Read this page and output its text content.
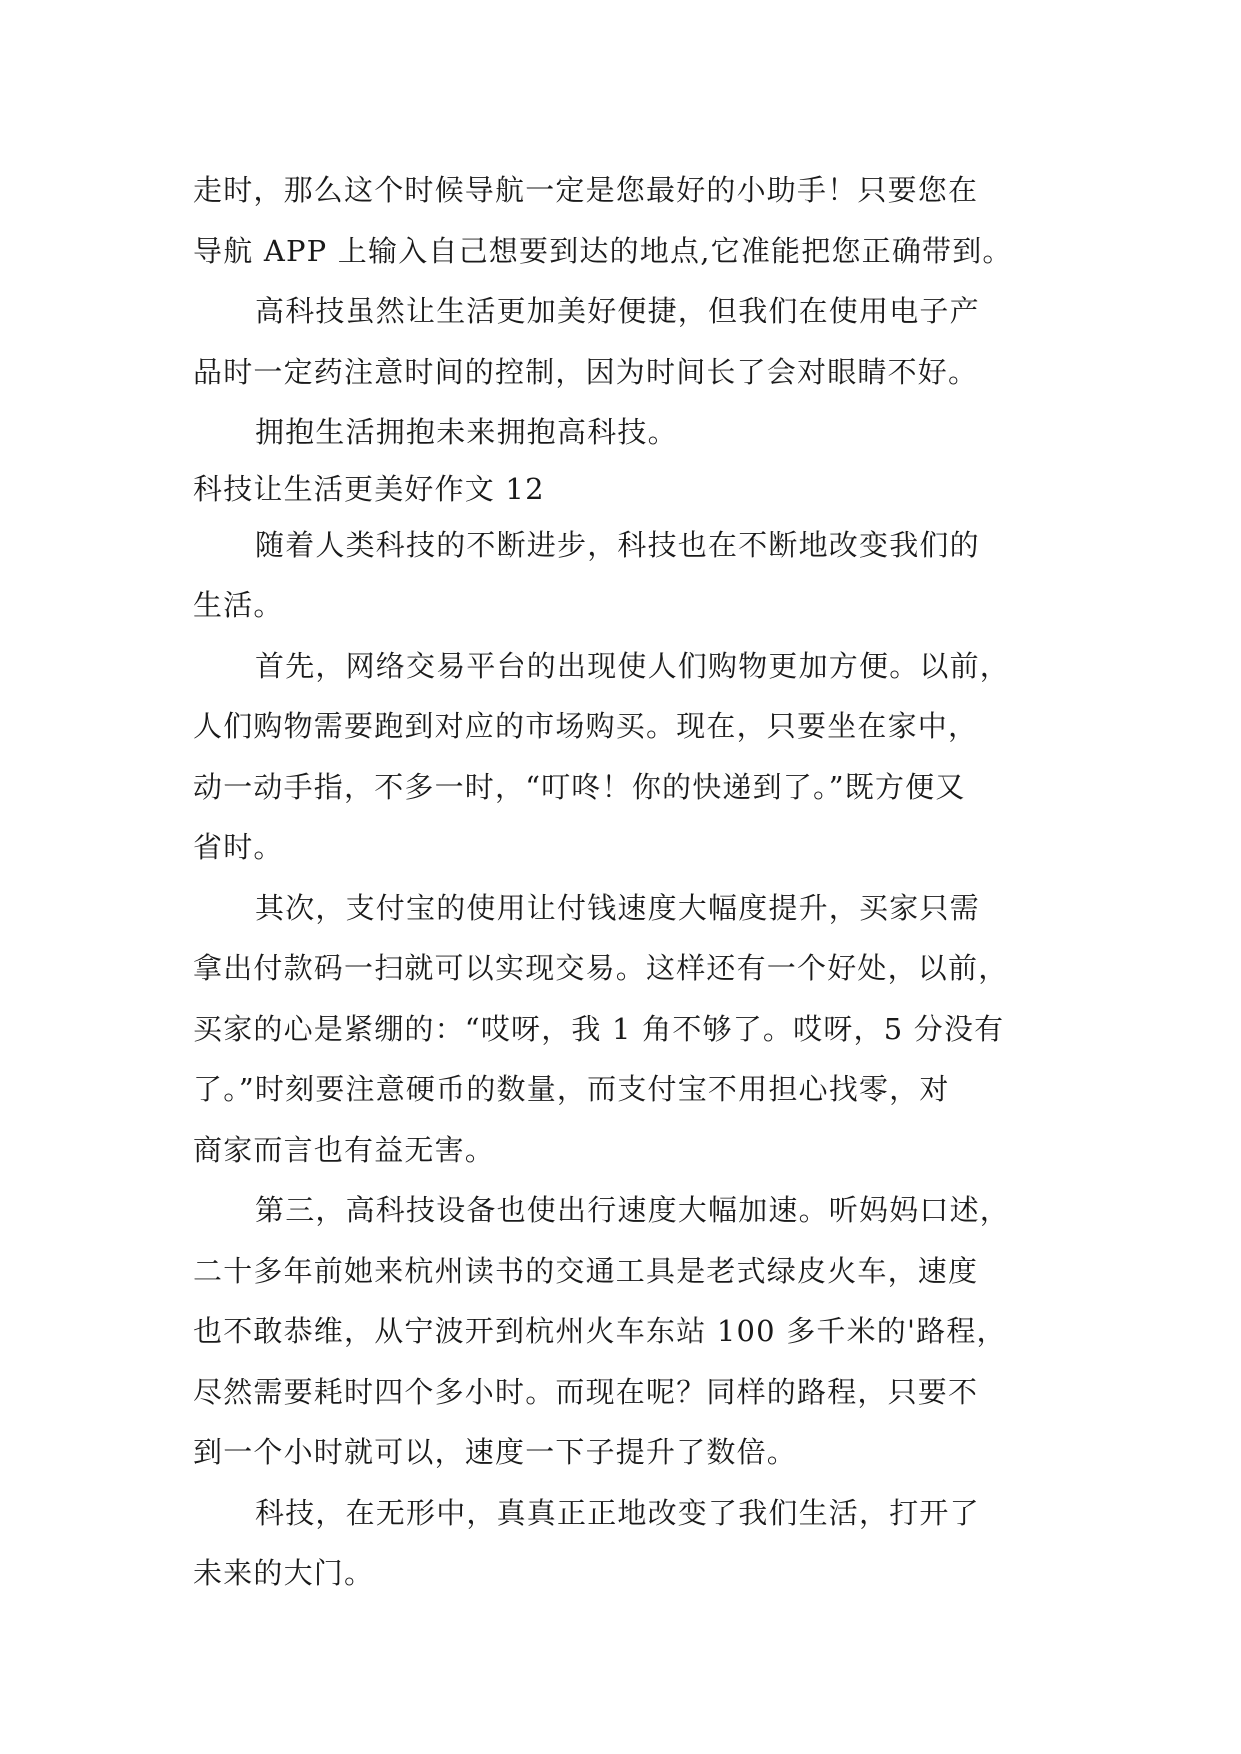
走时，那么这个时候导航一定是您最好的小助手！只要您在
导航 APP 上输入自己想要到达的地点,它准能把您正确带到。
高科技虽然让生活更加美好便捷，但我们在使用电子产
品时一定药注意时间的控制，因为时间长了会对眼睛不好。
拥抱生活拥抱未来拥抱高科技。
科技让生活更美好作文 12
随着人类科技的不断进步，科技也在不断地改变我们的
生活。
首先，网络交易平台的出现使人们购物更加方便。以前，
人们购物需要跑到对应的市场购买。现在，只要坐在家中，
动一动手指，不多一时，“叮咚！你的快递到了。”既方便又
省时。
其次，支付宝的使用让付钱速度大幅度提升，买家只需
拿出付款码一扫就可以实现交易。这样还有一个好处，以前，
买家的心是紧绷的：“哎呀，我 1 角不够了。哎呀，5 分没有
了。”时刻要注意硬币的数量，而支付宝不用担心找零，对
商家而言也有益无害。
第三，高科技设备也使出行速度大幅加速。听妈妈口述，
二十多年前她来杭州读书的交通工具是老式绿皮火车，速度
也不敢恭维，从宁波开到杭州火车东站 100 多千米的'路程，
尽然需要耗时四个多小时。而现在呢？同样的路程，只要不
到一个小时就可以，速度一下子提升了数倍。
科技，在无形中，真真正正地改变了我们生活，打开了
未来的大门。
